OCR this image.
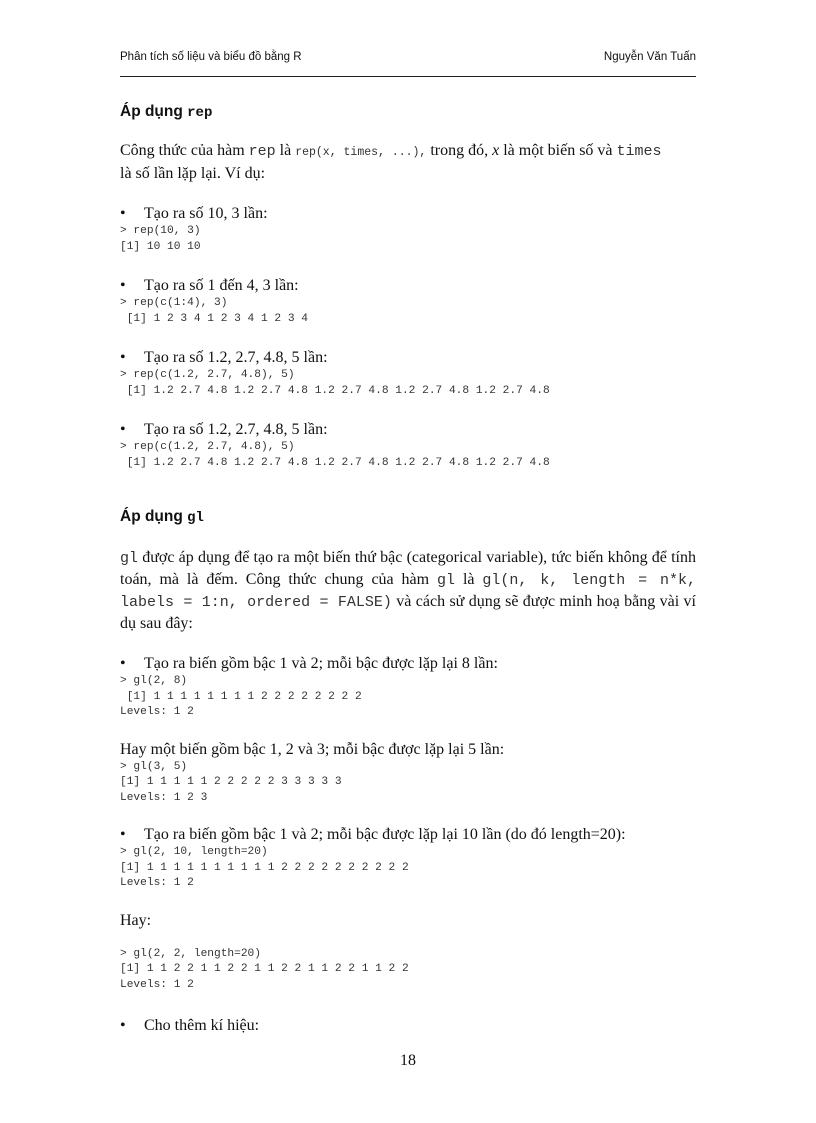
Phân tích số liệu và biểu đồ bằng R	Nguyễn Văn Tuấn
Áp dụng rep

Công thức của hàm rep là rep(x, times, ...), trong đó, x là một biến số và times

là số lần lặp lại. Ví dụ:

• Tạo ra số 10, 3 lần:
> rep(10, 3)
[1] 10 10 10
• Tạo ra số 1 đến 4, 3 lần:
> rep(c(1:4), 3)
[1] 1 2 3 4 1 2 3 4 1 2 3 4
• Tạo ra số 1.2, 2.7, 4.8, 5 lần:
> rep(c(1.2, 2.7, 4.8), 5)
[1] 1.2 2.7 4.8 1.2 2.7 4.8 1.2 2.7 4.8 1.2 2.7 4.8 1.2 2.7 4.8
• Tạo ra số 1.2, 2.7, 4.8, 5 lần:
> rep(c(1.2, 2.7, 4.8), 5)
[1] 1.2 2.7 4.8 1.2 2.7 4.8 1.2 2.7 4.8 1.2 2.7 4.8 1.2 2.7 4.8
Áp dụng gl

gl được áp dụng để tạo ra một biến thứ bậc (categorical variable), tức biến không để tính toán, mà là đếm. Công thức chung của hàm gl là gl(n, k, length = n*k, labels = 1:n, ordered = FALSE) và cách sử dụng sẽ được minh hoạ bằng vài ví dụ sau đây:

• Tạo ra biến gồm bậc 1 và 2; mỗi bậc được lặp lại 8 lần:
> gl(2, 8)
[1] 1 1 1 1 1 1 1 1 2 2 2 2 2 2 2 2
Levels: 1 2

Hay một biến gồm bậc 1, 2 và 3; mỗi bậc được lặp lại 5 lần:

> gl(3, 5)
[1] 1 1 1 1 1 2 2 2 2 2 3 3 3 3 3
Levels: 1 2 3
• Tạo ra biến gồm bậc 1 và 2; mỗi bậc được lặp lại 10 lần (do đó length=20):
> gl(2, 10, length=20)
[1] 1 1 1 1 1 1 1 1 1 1 2 2 2 2 2 2 2 2 2 2
Levels: 1 2

Hay:

> gl(2, 2, length=20)
[1] 1 1 2 2 1 1 2 2 1 1 2 2 1 1 2 2 1 1 2 2
Levels: 1 2
• Cho thêm kí hiệu:
18
